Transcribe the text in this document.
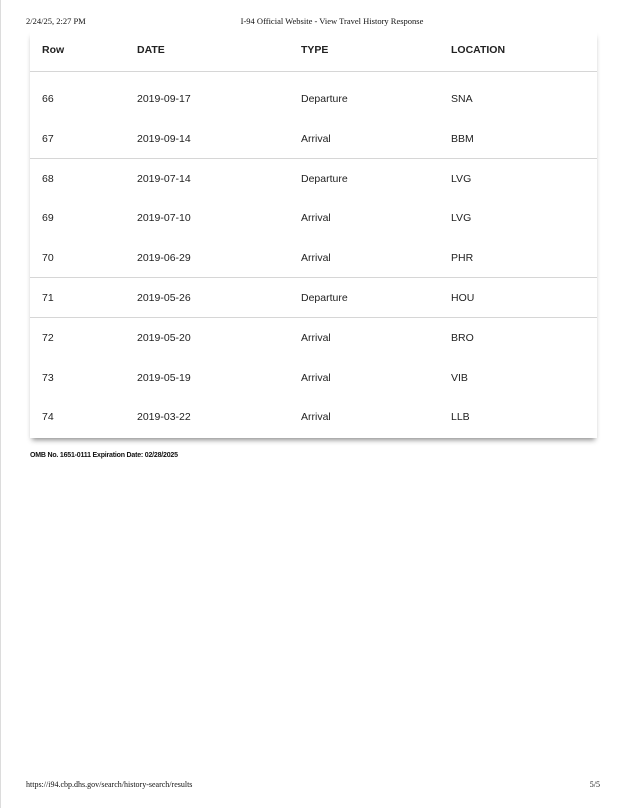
2/24/25, 2:27 PM	I-94 Official Website - View Travel History Response
Row	DATE	TYPE	LOCATION
66	2019-09-17	Departure	SNA
67	2019-09-14	Arrival	BBM
68	2019-07-14	Departure	LVG
69	2019-07-10	Arrival	LVG
70	2019-06-29	Arrival	PHR
71	2019-05-26	Departure	HOU
72	2019-05-20	Arrival	BRO
73	2019-05-19	Arrival	VIB
74	2019-03-22	Arrival	LLB
OMB No. 1651-0111 Expiration Date: 02/28/2025
https://i94.cbp.dhs.gov/search/history-search/results	5/5
